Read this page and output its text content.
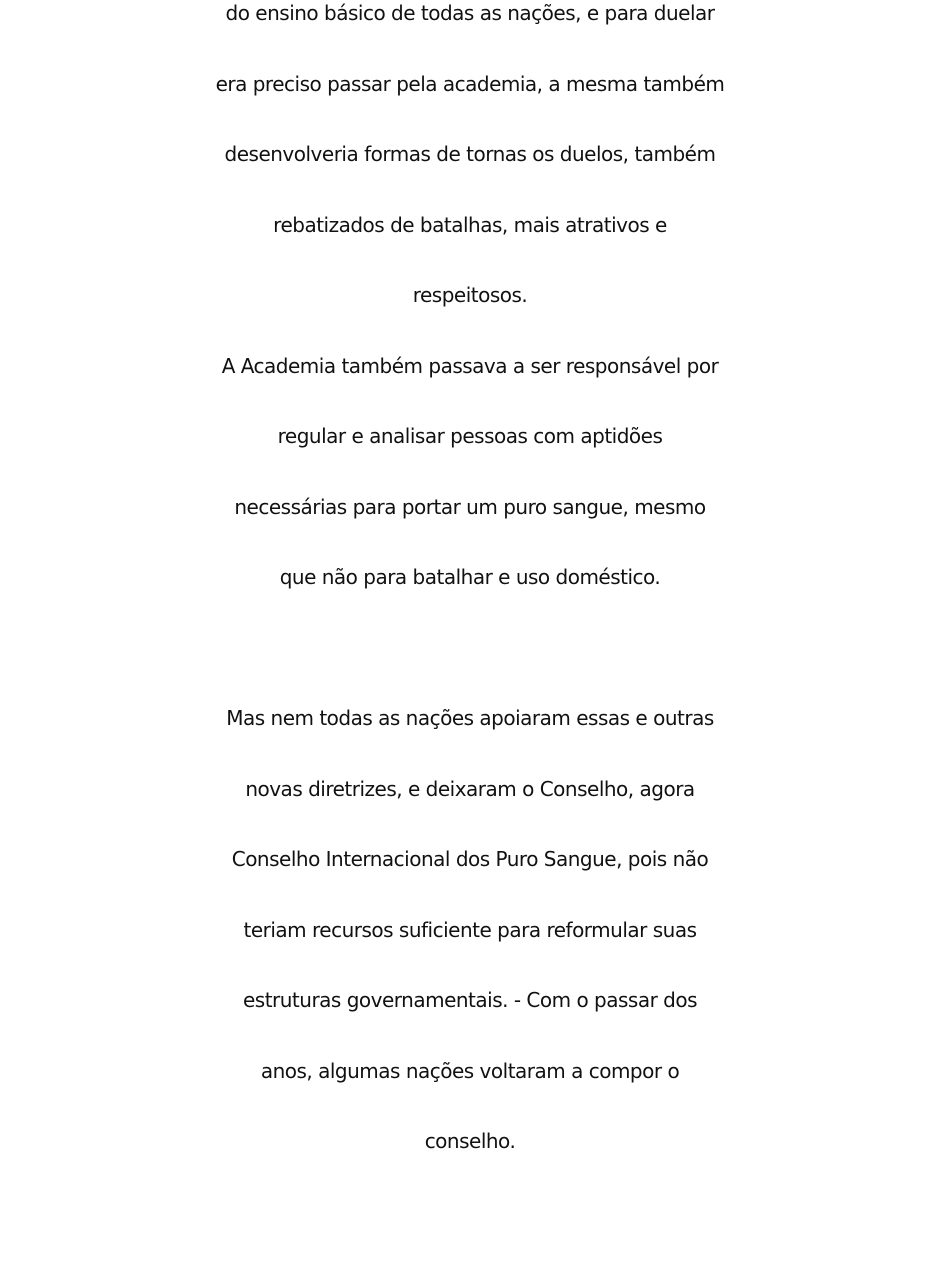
do ensino básico de todas as nações, e para duelar
era preciso passar pela academia, a mesma também
desenvolveria formas de tornas os duelos, também
rebatizados de batalhas, mais atrativos e
respeitosos.
A Academia também passava a ser responsável por
regular e analisar pessoas com aptidões
necessárias para portar um puro sangue, mesmo
que não para batalhar e uso doméstico.
Mas nem todas as nações apoiaram essas e outras
novas diretrizes, e deixaram o Conselho, agora
Conselho Internacional dos Puro Sangue, pois não
teriam recursos suficiente para reformular suas
estruturas governamentais. - Com o passar dos
anos, algumas nações voltaram a compor o
conselho.
